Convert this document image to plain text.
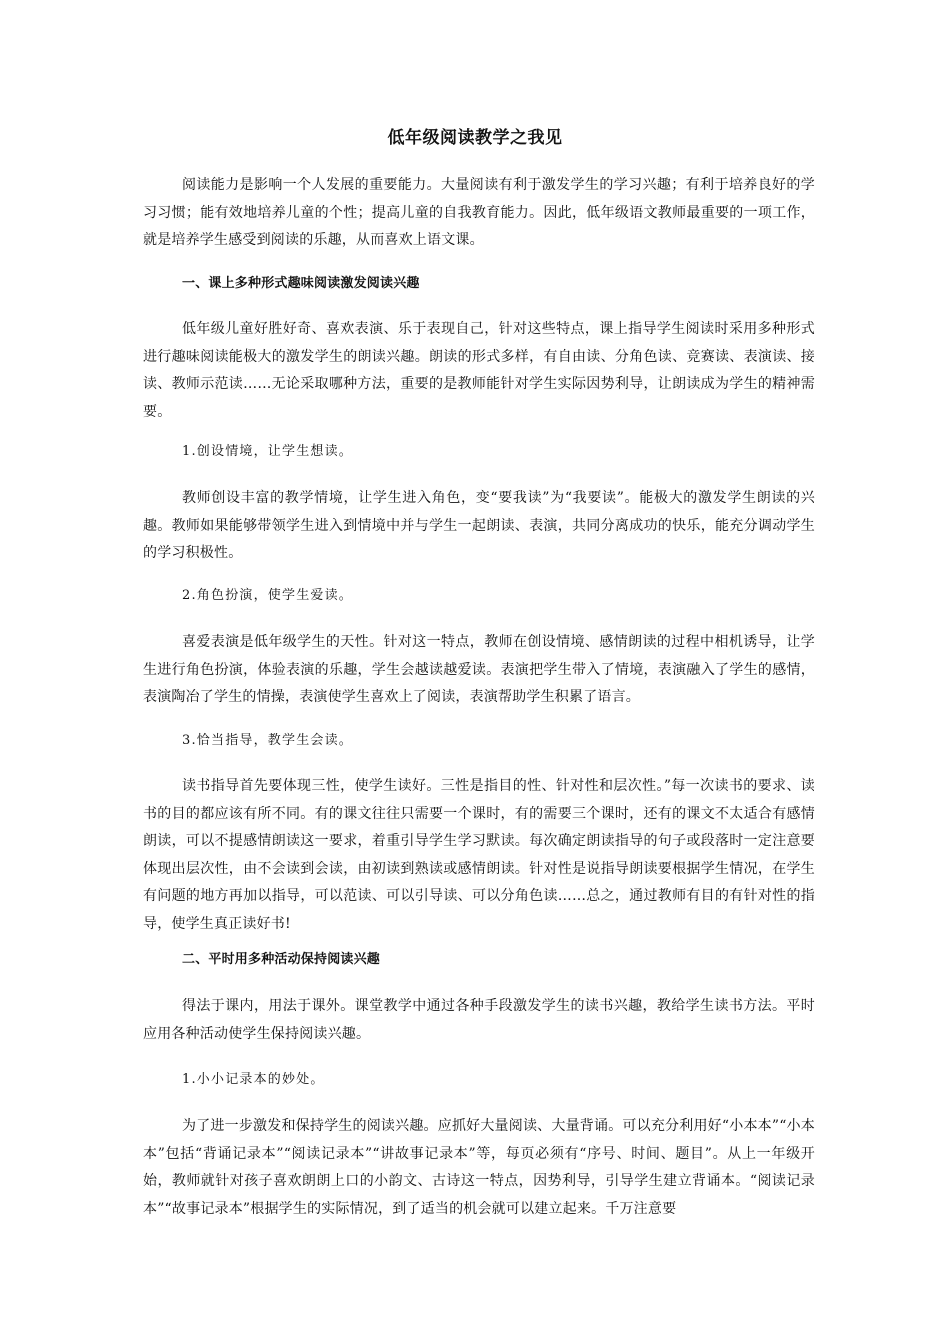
低年级阅读教学之我见

阅读能力是影响一个人发展的重要能力。大量阅读有利于激发学生的学习兴趣；有利于培养良好的学习习惯；能有效地培养儿童的个性；提高儿童的自我教育能力。因此，低年级语文教师最重要的一项工作，就是培养学生感受到阅读的乐趣，从而喜欢上语文课。

一、课上多种形式趣味阅读激发阅读兴趣

低年级儿童好胜好奇、喜欢表演、乐于表现自己，针对这些特点，课上指导学生阅读时采用多种形式进行趣味阅读能极大的激发学生的朗读兴趣。朗读的形式多样，有自由读、分角色读、竞赛读、表演读、接读、教师示范读……无论采取哪种方法，重要的是教师能针对学生实际因势利导，让朗读成为学生的精神需要。

1.创设情境，让学生想读。

教师创设丰富的教学情境，让学生进入角色，变“要我读”为“我要读”。能极大的激发学生朗读的兴趣。教师如果能够带领学生进入到情境中并与学生一起朗读、表演，共同分离成功的快乐，能充分调动学生的学习积极性。

2.角色扮演，使学生爱读。

喜爱表演是低年级学生的天性。针对这一特点，教师在创设情境、感情朗读的过程中相机诱导，让学生进行角色扮演，体验表演的乐趣，学生会越读越爱读。表演把学生带入了情境，表演融入了学生的感情，表演陶冶了学生的情操，表演使学生喜欢上了阅读，表演帮助学生积累了语言。

3.恰当指导，教学生会读。

读书指导首先要体现三性，使学生读好。三性是指目的性、针对性和层次性。”每一次读书的要求、读书的目的都应该有所不同。有的课文往往只需要一个课时，有的需要三个课时，还有的课文不太适合有感情朗读，可以不提感情朗读这一要求，着重引导学生学习默读。每次确定朗读指导的句子或段落时一定注意要体现出层次性，由不会读到会读，由初读到熟读或感情朗读。针对性是说指导朗读要根据学生情况，在学生有问题的地方再加以指导，可以范读、可以引导读、可以分角色读……总之，通过教师有目的有针对性的指导，使学生真正读好书!

二、平时用多种活动保持阅读兴趣

得法于课内，用法于课外。课堂教学中通过各种手段激发学生的读书兴趣，教给学生读书方法。平时应用各种活动使学生保持阅读兴趣。

1.小小记录本的妙处。

为了进一步激发和保持学生的阅读兴趣。应抓好大量阅读、大量背诵。可以充分利用好“小本本”“小本本”包括“背诵记录本”“阅读记录本”“讲故事记录本”等，每页必须有“序号、时间、题目”。从上一年级开始，教师就针对孩子喜欢朗朗上口的小韵文、古诗这一特点，因势利导，引导学生建立背诵本。“阅读记录本”“故事记录本”根据学生的实际情况，到了适当的机会就可以建立起来。千万注意要
